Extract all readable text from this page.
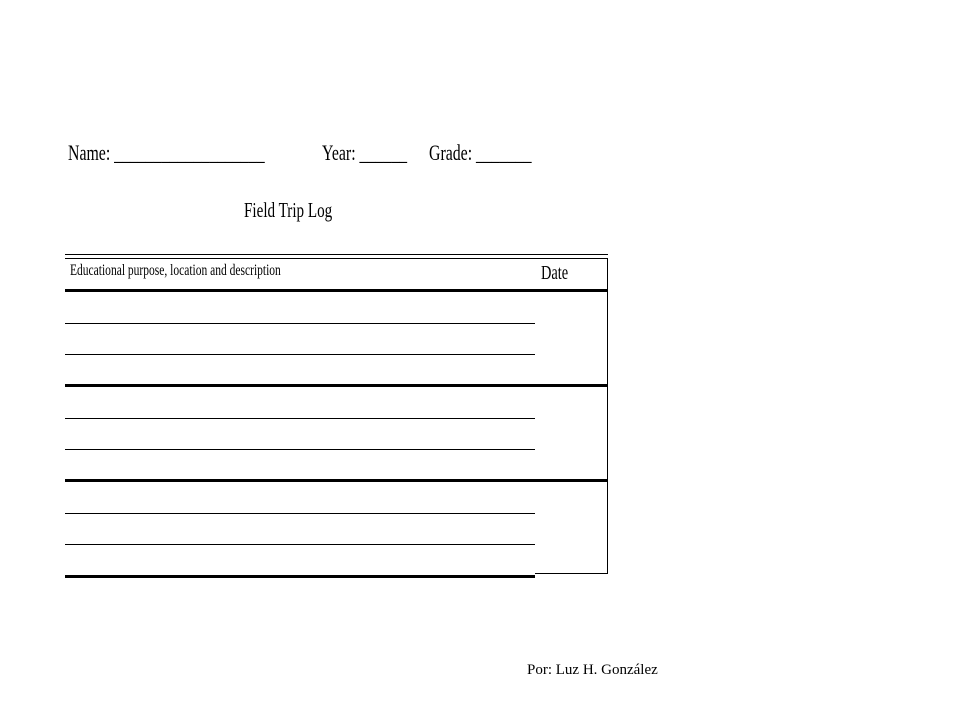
Name: ___________________	Year: ______ Grade: _______
Field Trip Log
Educational purpose, location and description	Date
Por: Luz H. González
